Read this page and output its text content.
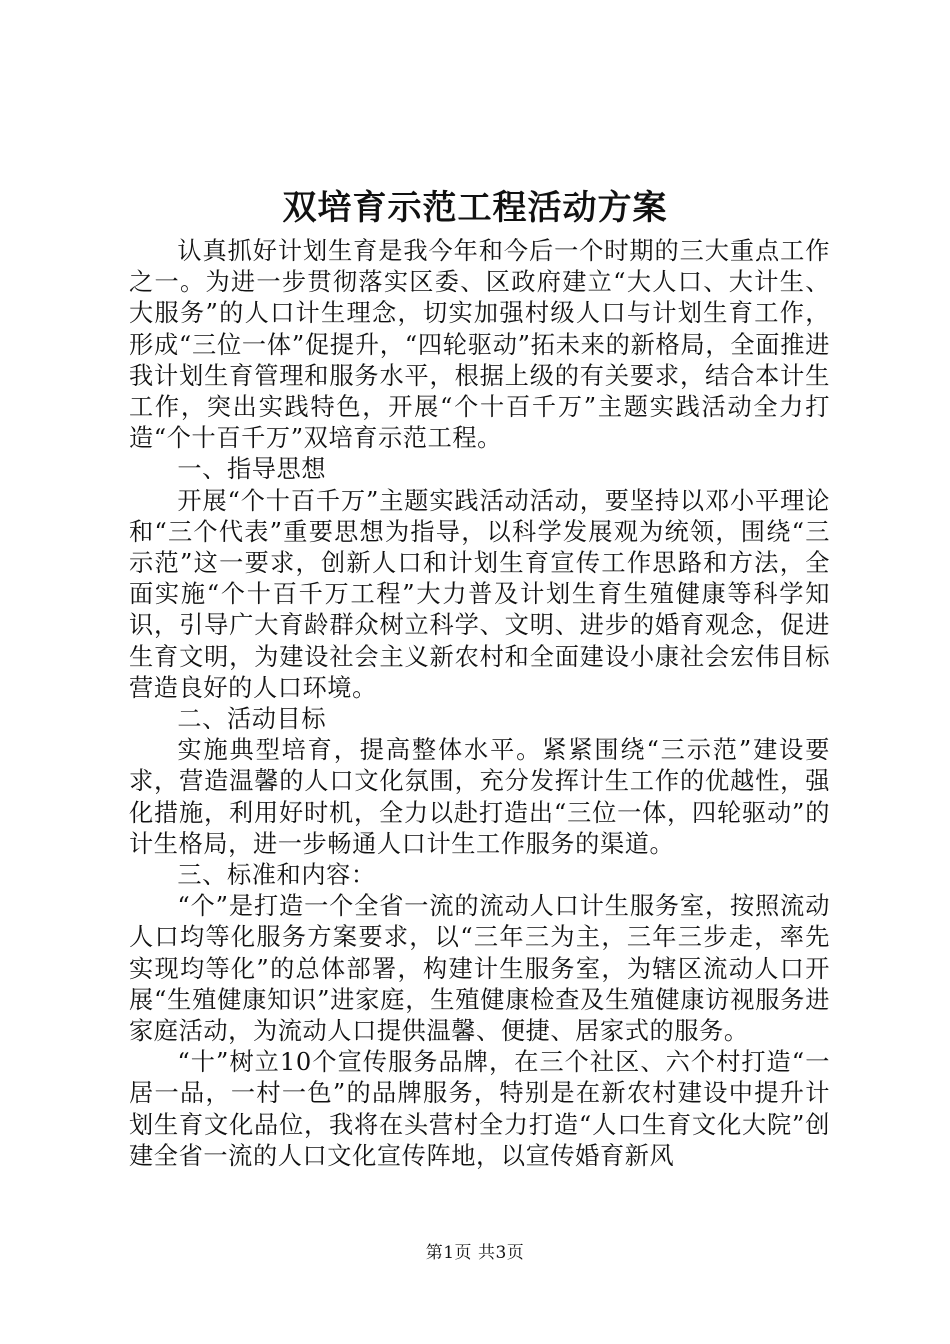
双培育示范工程活动方案

认真抓好计划生育是我今年和今后一个时期的三大重点工作之一。为进一步贯彻落实区委、区政府建立“大人口、大计生、大服务”的人口计生理念，切实加强村级人口与计划生育工作，形成“三位一体”促提升，“四轮驱动”拓未来的新格局，全面推进我计划生育管理和服务水平，根据上级的有关要求，结合本计生工作，突出实践特色，开展“个十百千万”主题实践活动全力打造“个十百千万”双培育示范工程。

一、指导思想

开展“个十百千万”主题实践活动活动，要坚持以邓小平理论和“三个代表”重要思想为指导，以科学发展观为统领，围绕“三示范”这一要求，创新人口和计划生育宣传工作思路和方法，全面实施“个十百千万工程”大力普及计划生育生殖健康等科学知识，引导广大育龄群众树立科学、文明、进步的婚育观念，促进生育文明，为建设社会主义新农村和全面建设小康社会宏伟目标营造良好的人口环境。

二、活动目标

实施典型培育，提高整体水平。紧紧围绕“三示范”建设要求，营造温馨的人口文化氛围，充分发挥计生工作的优越性，强化措施，利用好时机，全力以赴打造出“三位一体，四轮驱动”的计生格局，进一步畅通人口计生工作服务的渠道。

三、标准和内容：

“个”是打造一个全省一流的流动人口计生服务室，按照流动人口均等化服务方案要求，以“三年三为主，三年三步走，率先实现均等化”的总体部署，构建计生服务室，为辖区流动人口开展“生殖健康知识”进家庭，生殖健康检查及生殖健康访视服务进家庭活动，为流动人口提供温馨、便捷、居家式的服务。

“十”树立10个宣传服务品牌，在三个社区、六个村打造“一居一品，一村一色”的品牌服务，特别是在新农村建设中提升计划生育文化品位，我将在头营村全力打造“人口生育文化大院”创建全省一流的人口文化宣传阵地，以宣传婚育新风

第1页 共3页
